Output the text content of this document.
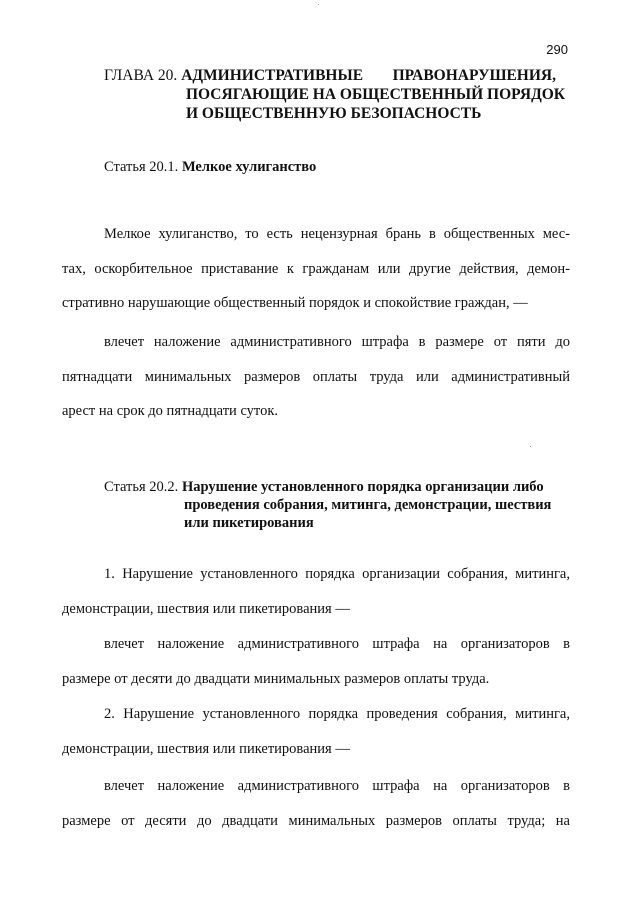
290
ГЛАВА 20. АДМИНИСТРАТИВНЫЕ ПРАВОНАРУШЕНИЯ,
ПОСЯГАЮЩИЕ НА ОБЩЕСТВЕННЫЙ ПОРЯДОК
И ОБЩЕСТВЕННУЮ БЕЗОПАСНОСТЬ
Статья 20.1. Мелкое хулиганство
Мелкое хулиганство, то есть нецензурная брань в общественных мес-
тах, оскорбительное приставание к гражданам или другие действия, демон-
стративно нарушающие общественный порядок и спокойствие граждан, —
влечет наложение административного штрафа в размере от пяти до
пятнадцати минимальных размеров оплаты труда или административный
арест на срок до пятнадцати суток.
Статья 20.2. Нарушение установленного порядка организации либо
проведения собрания, митинга, демонстрации, шествия
или пикетирования
1. Нарушение установленного порядка организации собрания, митинга,
демонстрации, шествия или пикетирования —
влечет наложение административного штрафа на организаторов в
размере от десяти до двадцати минимальных размеров оплаты труда.
2. Нарушение установленного порядка проведения собрания, митинга,
демонстрации, шествия или пикетирования —
влечет наложение административного штрафа на организаторов в
размере от десяти до двадцати минимальных размеров оплаты труда; на
